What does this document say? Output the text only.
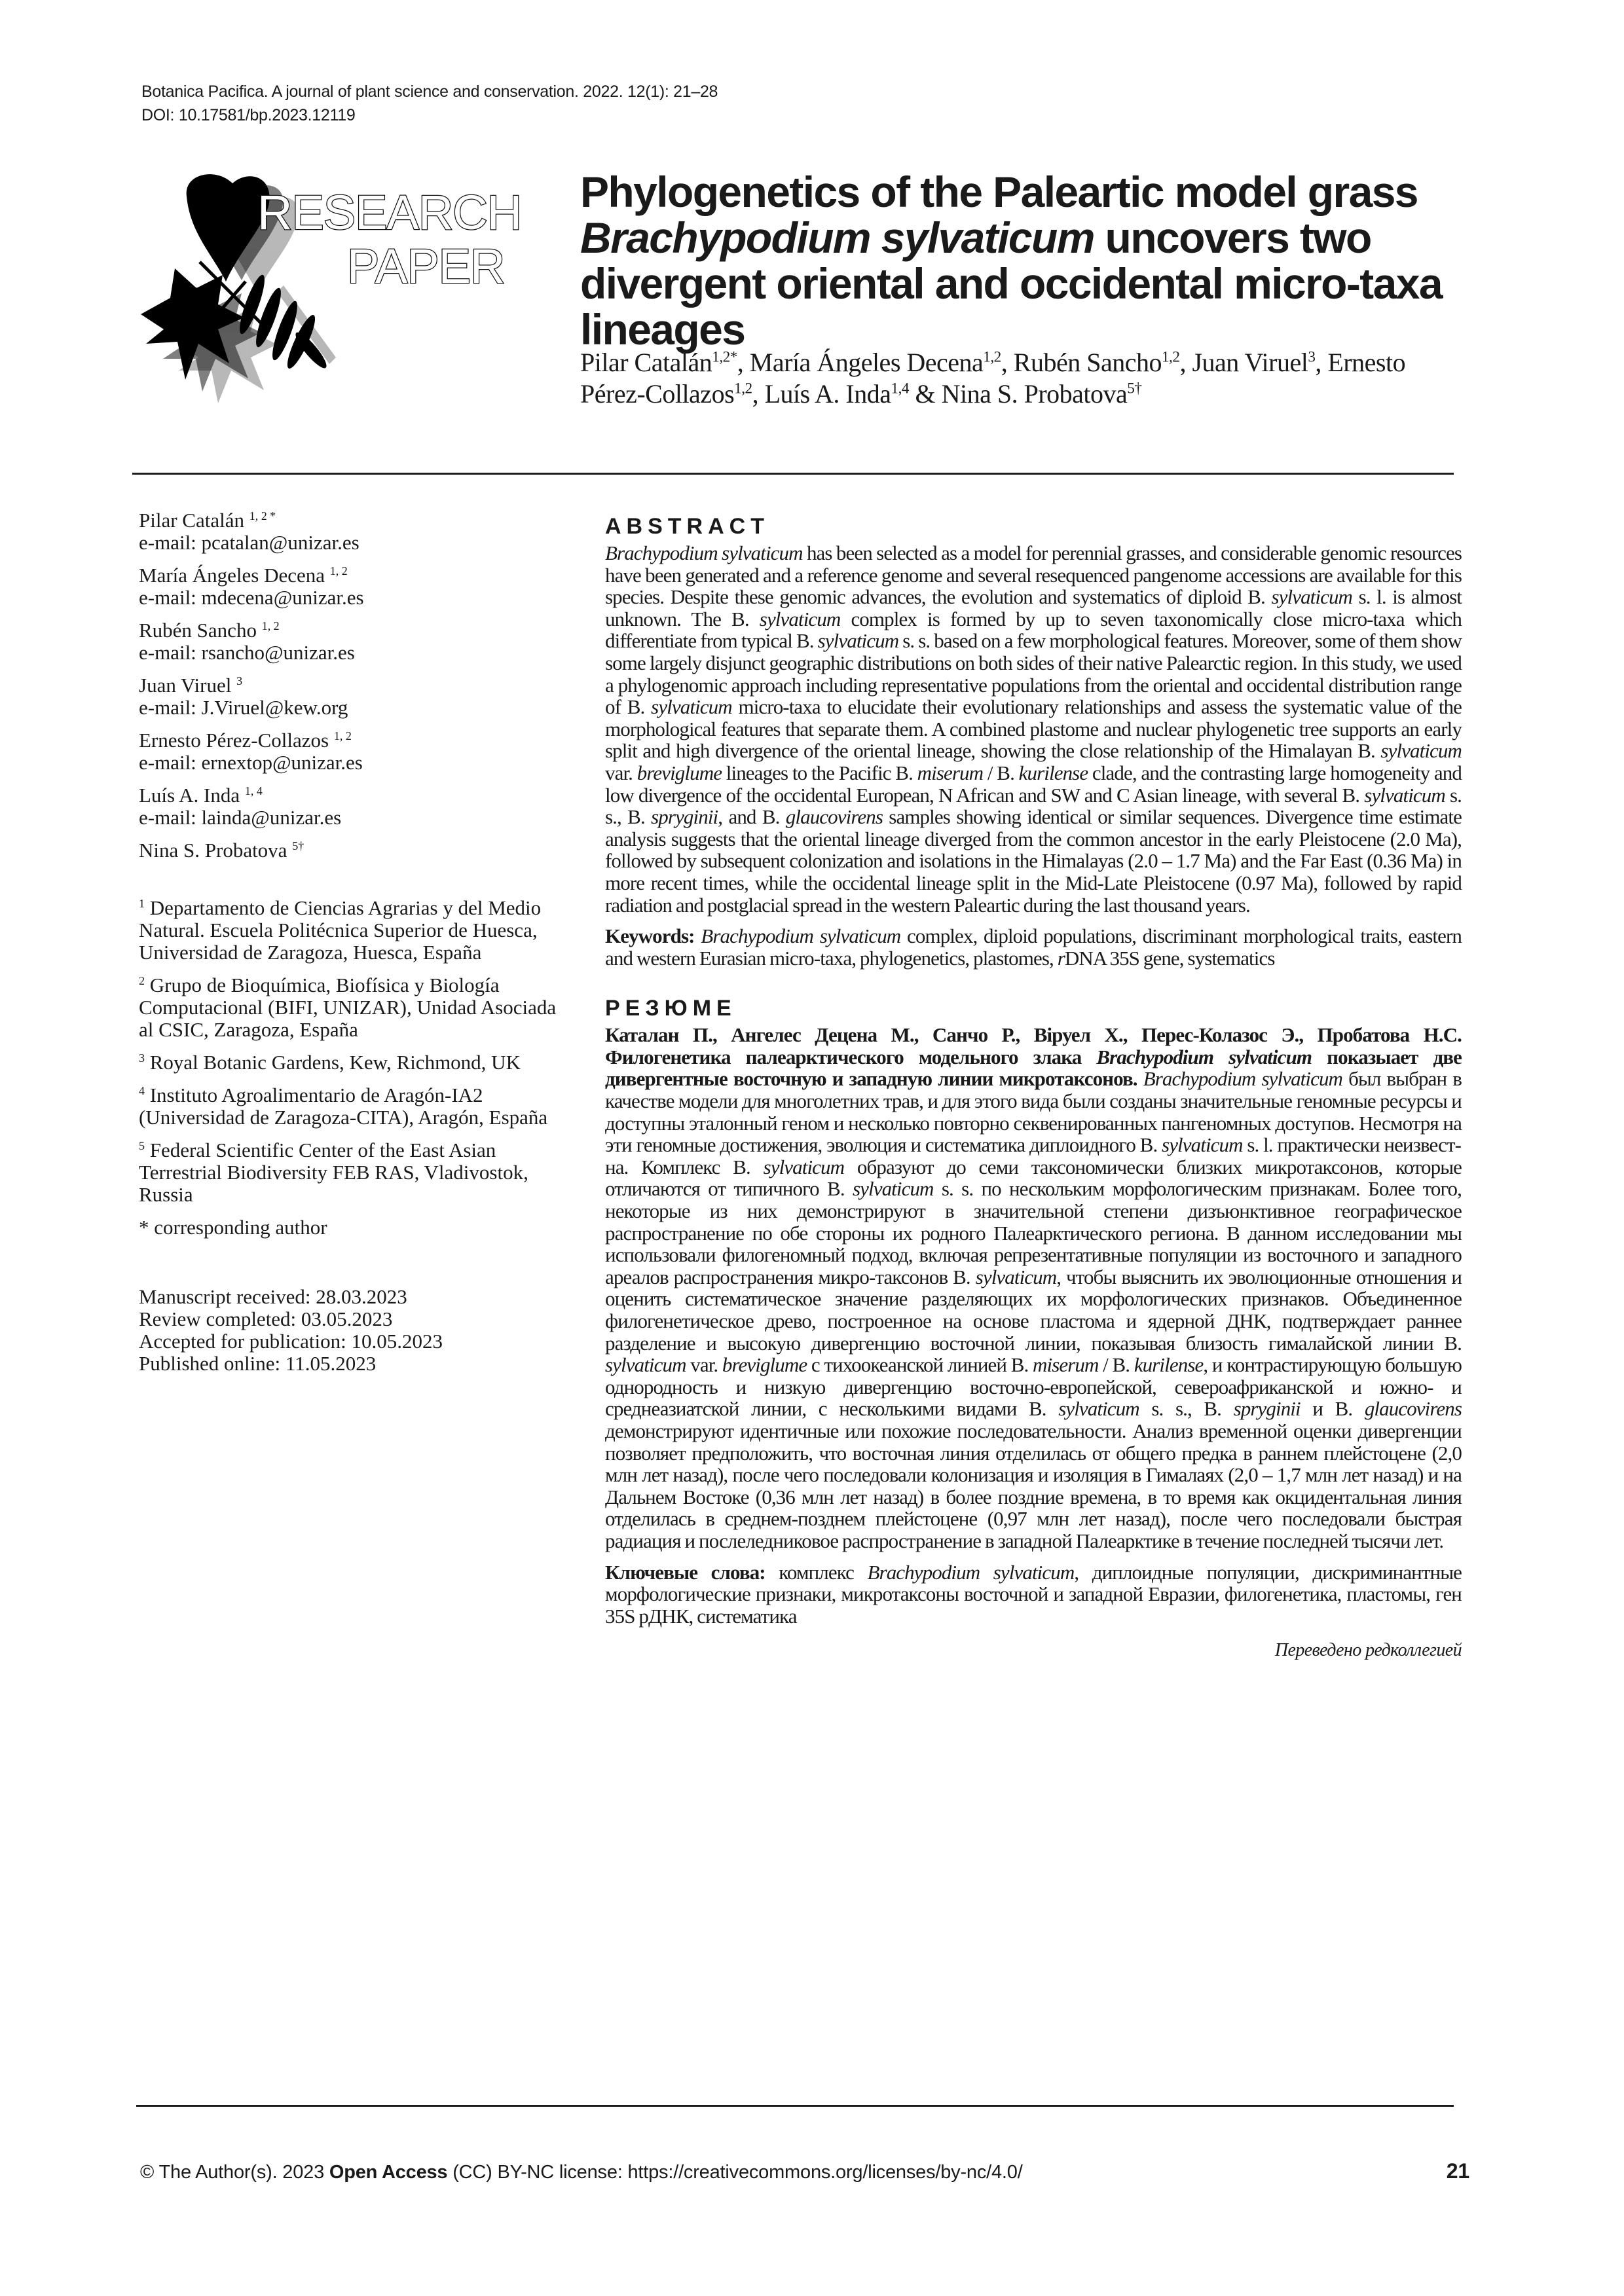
Botanica Pacifica. A journal of plant science and conservation. 2022. 12(1): 21–28
DOI: 10.17581/bp.2023.12119
RESEARCH
PAPER
Phylogenetics of the Paleartic model grass Brachypodium sylvaticum uncovers two divergent oriental and occidental micro-taxa lineages
Pilar Catalán$^{1,2*}$, María Ángeles Decena$^{1,2}$, Rubén Sancho$^{1,2}$, Juan Viruel$^3$, Ernesto Pérez-Collazos$^{1,2}$, Luís A. Inda$^{1,4}$ & Nina S. Probatova$^{5\dagger}$
Pilar Catalán $^{1, 2 *}$
e-mail: pcatalan@unizar.es
María Ángeles Decena $^{1, 2}$
e-mail: mdecena@unizar.es
Rubén Sancho $^{1, 2}$
e-mail: rsancho@unizar.es
Juan Viruel $^3$
e-mail: J.Viruel@kew.org
Ernesto Pérez-Collazos $^{1, 2}$
e-mail: ernextop@unizar.es
Luís A. Inda $^{1, 4}$
e-mail: lainda@unizar.es
Nina S. Probatova $^{5\dagger}$
$^1$ Departamento de Ciencias Agrarias y del Medio Natural. Escuela Politécnica Superior de Huesca, Universidad de Zaragoza, Huesca, España
$^2$ Grupo de Bioquímica, Biofísica y Biología Computacional (BIFI, UNIZAR), Unidad Asociada al CSIC, Zaragoza, España
$^3$ Royal Botanic Gardens, Kew, Richmond, UK
$^4$ Instituto Agroalimentario de Aragón-IA2 (Universidad de Zaragoza-CITA), Aragón, España
$^5$ Federal Scientific Center of the East Asian Terrestrial Biodiversity FEB RAS, Vladivostok, Russia
* corresponding author
Manuscript received: 28.03.2023
Review completed: 03.05.2023
Accepted for publication: 10.05.2023
Published online: 11.05.2023
ABSTRACT

Brachypodium sylvaticum has been selected as a model for perennial grasses, and considerable genomic resources have been generated and a reference genome and several resequenced pangenome accessions are available for this species. Despite these genomic advances, the evolution and systematics of diploid B. sylvaticum s. l. is almost unknown. The B. sylvaticum complex is formed by up to seven taxonomically close micro-taxa which differentiate from typical B. sylvaticum s. s. based on a few morphological features. Moreover, some of them show some largely disjunct geographic distributions on both sides of their native Palearctic region. In this study, we used a phylogenomic approach including representative populations from the oriental and occidental distribution range of B. sylvaticum micro-taxa to elucidate their evolutionary relationships and assess the systematic value of the morphological features that separate them. A combined plastome and nuclear phylogenetic tree supports an early split and high divergence of the oriental lineage, showing the close relationship of the Himalayan B. sylvaticum var. breviglume lineages to the Pacific B. miserum / B. kurilense clade, and the contrasting large homogeneity and low divergence of the occidental European, N African and SW and C Asian lineage, with several B. sylvaticum s. s., B. spryginii, and B. glaucovirens samples showing identical or similar sequences. Divergence time estimate analysis suggests that the oriental lineage diverged from the common ancestor in the early Pleistocene (2.0 Ma), followed by subsequent colonization and isolations in the Himalayas (2.0 – 1.7 Ma) and the Far East (0.36 Ma) in more recent times, while the occidental lineage split in the Mid-Late Pleistocene (0.97 Ma), followed by rapid radiation and postglacial spread in the western Paleartic during the last thousand years.

Keywords: Brachypodium sylvaticum complex, diploid populations, discriminant morphological traits, eastern and western Eurasian micro-taxa, phylogenetics, plastomes, rDNA 35S gene, systematics

РЕЗЮМЕ

Каталан П., Ангелес Децена М., Санчо Р., Віруел Х., Перес-Колазос Э., Пробатова Н.С. Филогенетика палеарктического модельного злака Brachypodium sylvaticum показыает две дивергентные восточную и западную линии микротаксонов. Brachypodium sylvaticum был выбран в качестве модели для многолетних трав, и для этого вида были созданы значительные геномные ресурсы и доступны эталонный геном и несколько повторно секвенированных пангеномных доступов. Несмотря на эти геномные достижения, эволюция и систематика диплоидного B. sylvaticum s. l. практически неизвестна. Комплекс B. sylvaticum образуют до семи таксономически близких микротаксонов, которые отличаются от типичного B. sylvaticum s. s. по нескольким морфологическим признакам. Более того, некоторые из них демонстрируют в значительной степени дизъюнктивное географическое распространение по обе стороны их родного Палеарктического региона. В данном исследовании мы использовали филогеномный подход, включая репрезентативные популяции из восточного и западного ареалов распространения микро-таксонов B. sylvaticum, чтобы выяснить их эволюционные отношения и оценить систематическое значение разделяющих их морфологических признаков. Объединенное филогенетическое древо, построенное на основе пластома и ядерной ДНК, подтверждает раннее разделение и высокую дивергенцию восточной линии, показывая близость гималайской линии B. sylvaticum var. breviglume с тихоокеанской линией B. miserum / B. kurilense, и контрастирующую большую однородность и низкую дивергенцию восточно-европейской, североафриканской и южно- и среднеазиатской линии, с несколькими видами B. sylvaticum s. s., B. spryginii и B. glaucovirens демонстрируют идентичные или похожие последовательности. Анализ временной оценки дивергенции позволяет предположить, что восточная линия отделилась от общего предка в раннем плейстоцене (2,0 млн лет назад), после чего последовали колонизация и изоляция в Гималаях (2,0 – 1,7 млн лет назад) и на Дальнем Востоке (0,36 млн лет назад) в более поздние времена, в то время как окцидентальная линия отделилась в среднем-позднем плейстоцене (0,97 млн лет назад), после чего последовали быстрая радиация и послеледниковое распространение в западной Палеарктике в течение последней тысячи лет.

Ключевые слова: комплекс Brachypodium sylvaticum, диплоидные популяции, дискриминантные морфологические признаки, микротаксоны восточной и западной Евразии, филогенетика, пластомы, ген 35S рДНК, систематика

Переведено редколлегией
© The Author(s). 2023 Open Access (CC) BY-NC license: https://creativecommons.org/licenses/by-nc/4.0/	21
